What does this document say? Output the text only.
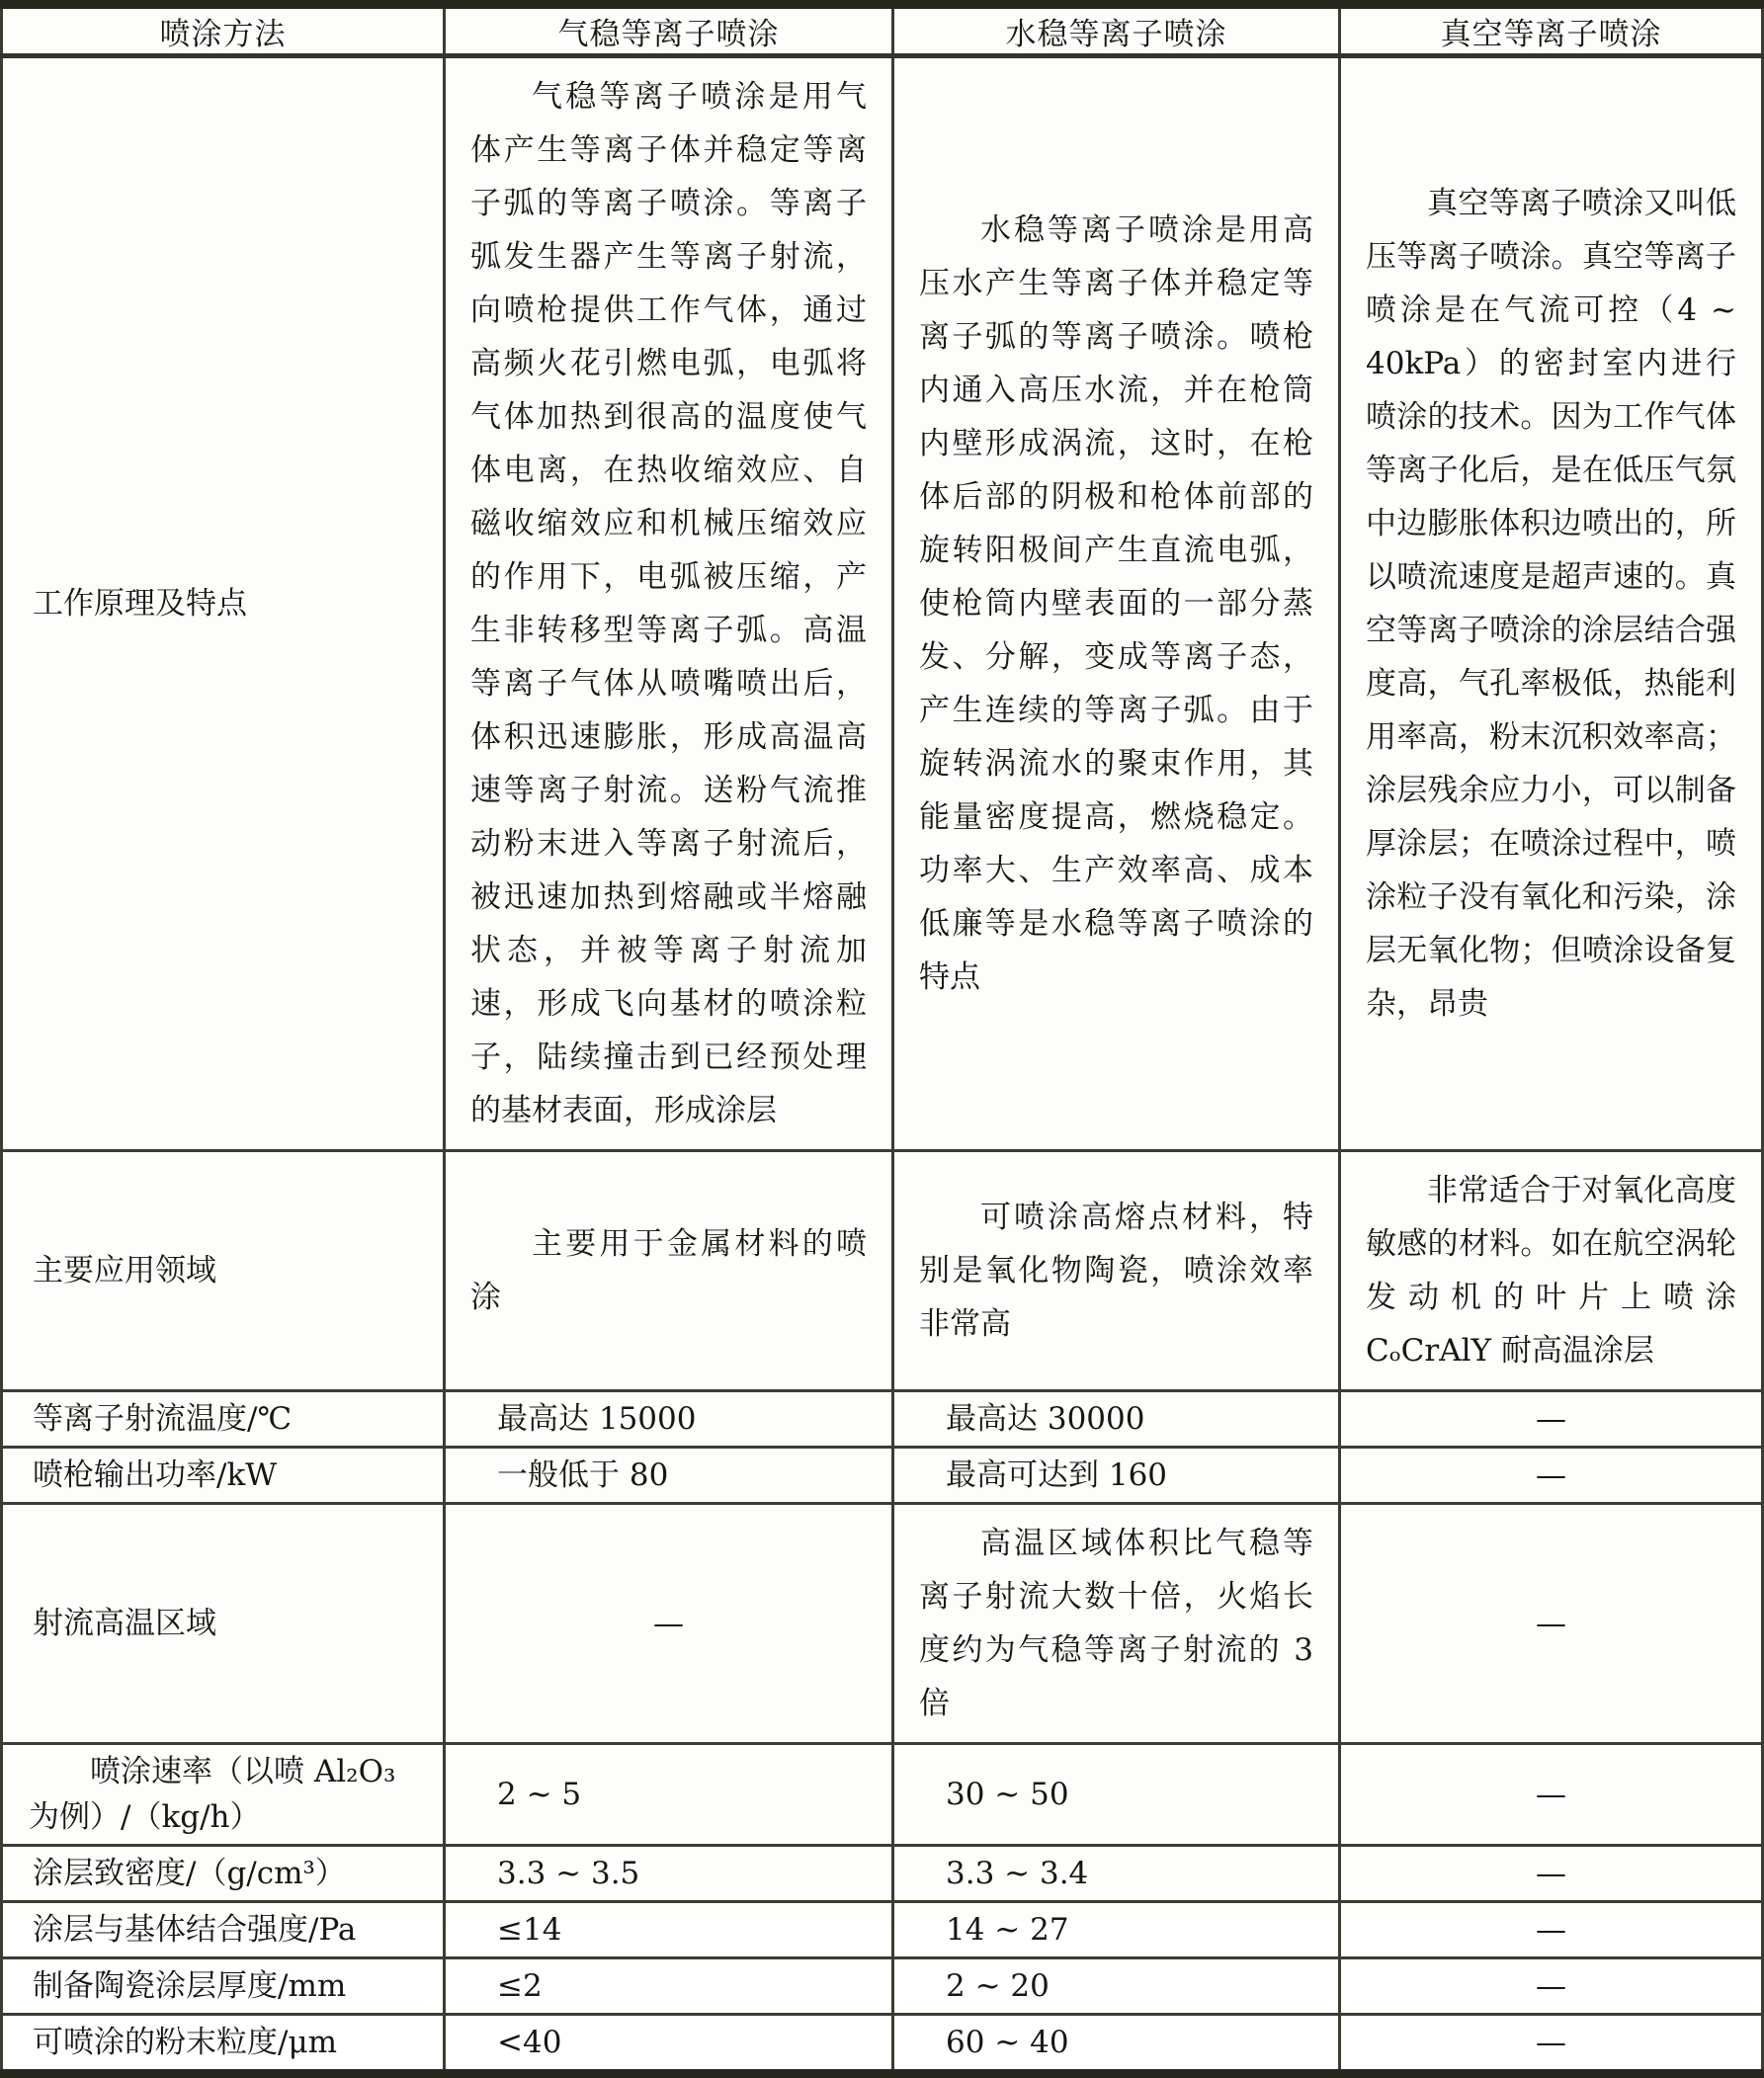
喷涂方法	气稳等离子喷涂	水稳等离子喷涂	真空等离子喷涂
工作原理及特点	气稳等离子喷涂是用气体产生等离子体并稳定等离子弧的等离子喷涂。等离子弧发生器产生等离子射流，向喷枪提供工作气体，通过高频火花引燃电弧，电弧将气体加热到很高的温度使气体电离，在热收缩效应、自磁收缩效应和机械压缩效应的作用下，电弧被压缩，产生非转移型等离子弧。高温等离子气体从喷嘴喷出后，体积迅速膨胀，形成高温高速等离子射流。送粉气流推动粉末进入等离子射流后，被迅速加热到熔融或半熔融状态，并被等离子射流加速，形成飞向基材的喷涂粒子，陆续撞击到已经预处理的基材表面，形成涂层	水稳等离子喷涂是用高压水产生等离子体并稳定等离子弧的等离子喷涂。喷枪内通入高压水流，并在枪筒内壁形成涡流，这时，在枪体后部的阴极和枪体前部的旋转阳极间产生直流电弧，使枪筒内壁表面的一部分蒸发、分解，变成等离子态，产生连续的等离子弧。由于旋转涡流水的聚束作用，其能量密度提高，燃烧稳定。功率大、生产效率高、成本低廉等是水稳等离子喷涂的特点	真空等离子喷涂又叫低压等离子喷涂。真空等离子喷涂是在气流可控（4 ~ 40kPa）的密封室内进行喷涂的技术。因为工作气体等离子化后，是在低压气氛中边膨胀体积边喷出的，所以喷流速度是超声速的。真空等离子喷涂的涂层结合强度高，气孔率极低，热能利用率高，粉末沉积效率高；涂层残余应力小，可以制备厚涂层；在喷涂过程中，喷涂粒子没有氧化和污染，涂层无氧化物；但喷涂设备复杂，昂贵
主要应用领域	主要用于金属材料的喷涂	可喷涂高熔点材料，特别是氧化物陶瓷，喷涂效率非常高	非常适合于对氧化高度敏感的材料。如在航空涡轮发动机的叶片上喷涂 CₒCrAlY 耐高温涂层
等离子射流温度/℃	最高达 15000	最高达 30000	—
喷枪输出功率/kW	一般低于 80	最高可达到 160	—
射流高温区域	—	高温区域体积比气稳等离子射流大数十倍，火焰长度约为气稳等离子射流的 3 倍	—
喷涂速率（以喷 Al₂O₃ 为例）/（kg/h）	2 ~ 5	30 ~ 50	—
涂层致密度/（g/cm³）	3.3 ~ 3.5	3.3 ~ 3.4	—
涂层与基体结合强度/Pa	≤14	14 ~ 27	—
制备陶瓷涂层厚度/mm	≤2	2 ~ 20	—
可喷涂的粉末粒度/μm	<40	60 ~ 40	—
